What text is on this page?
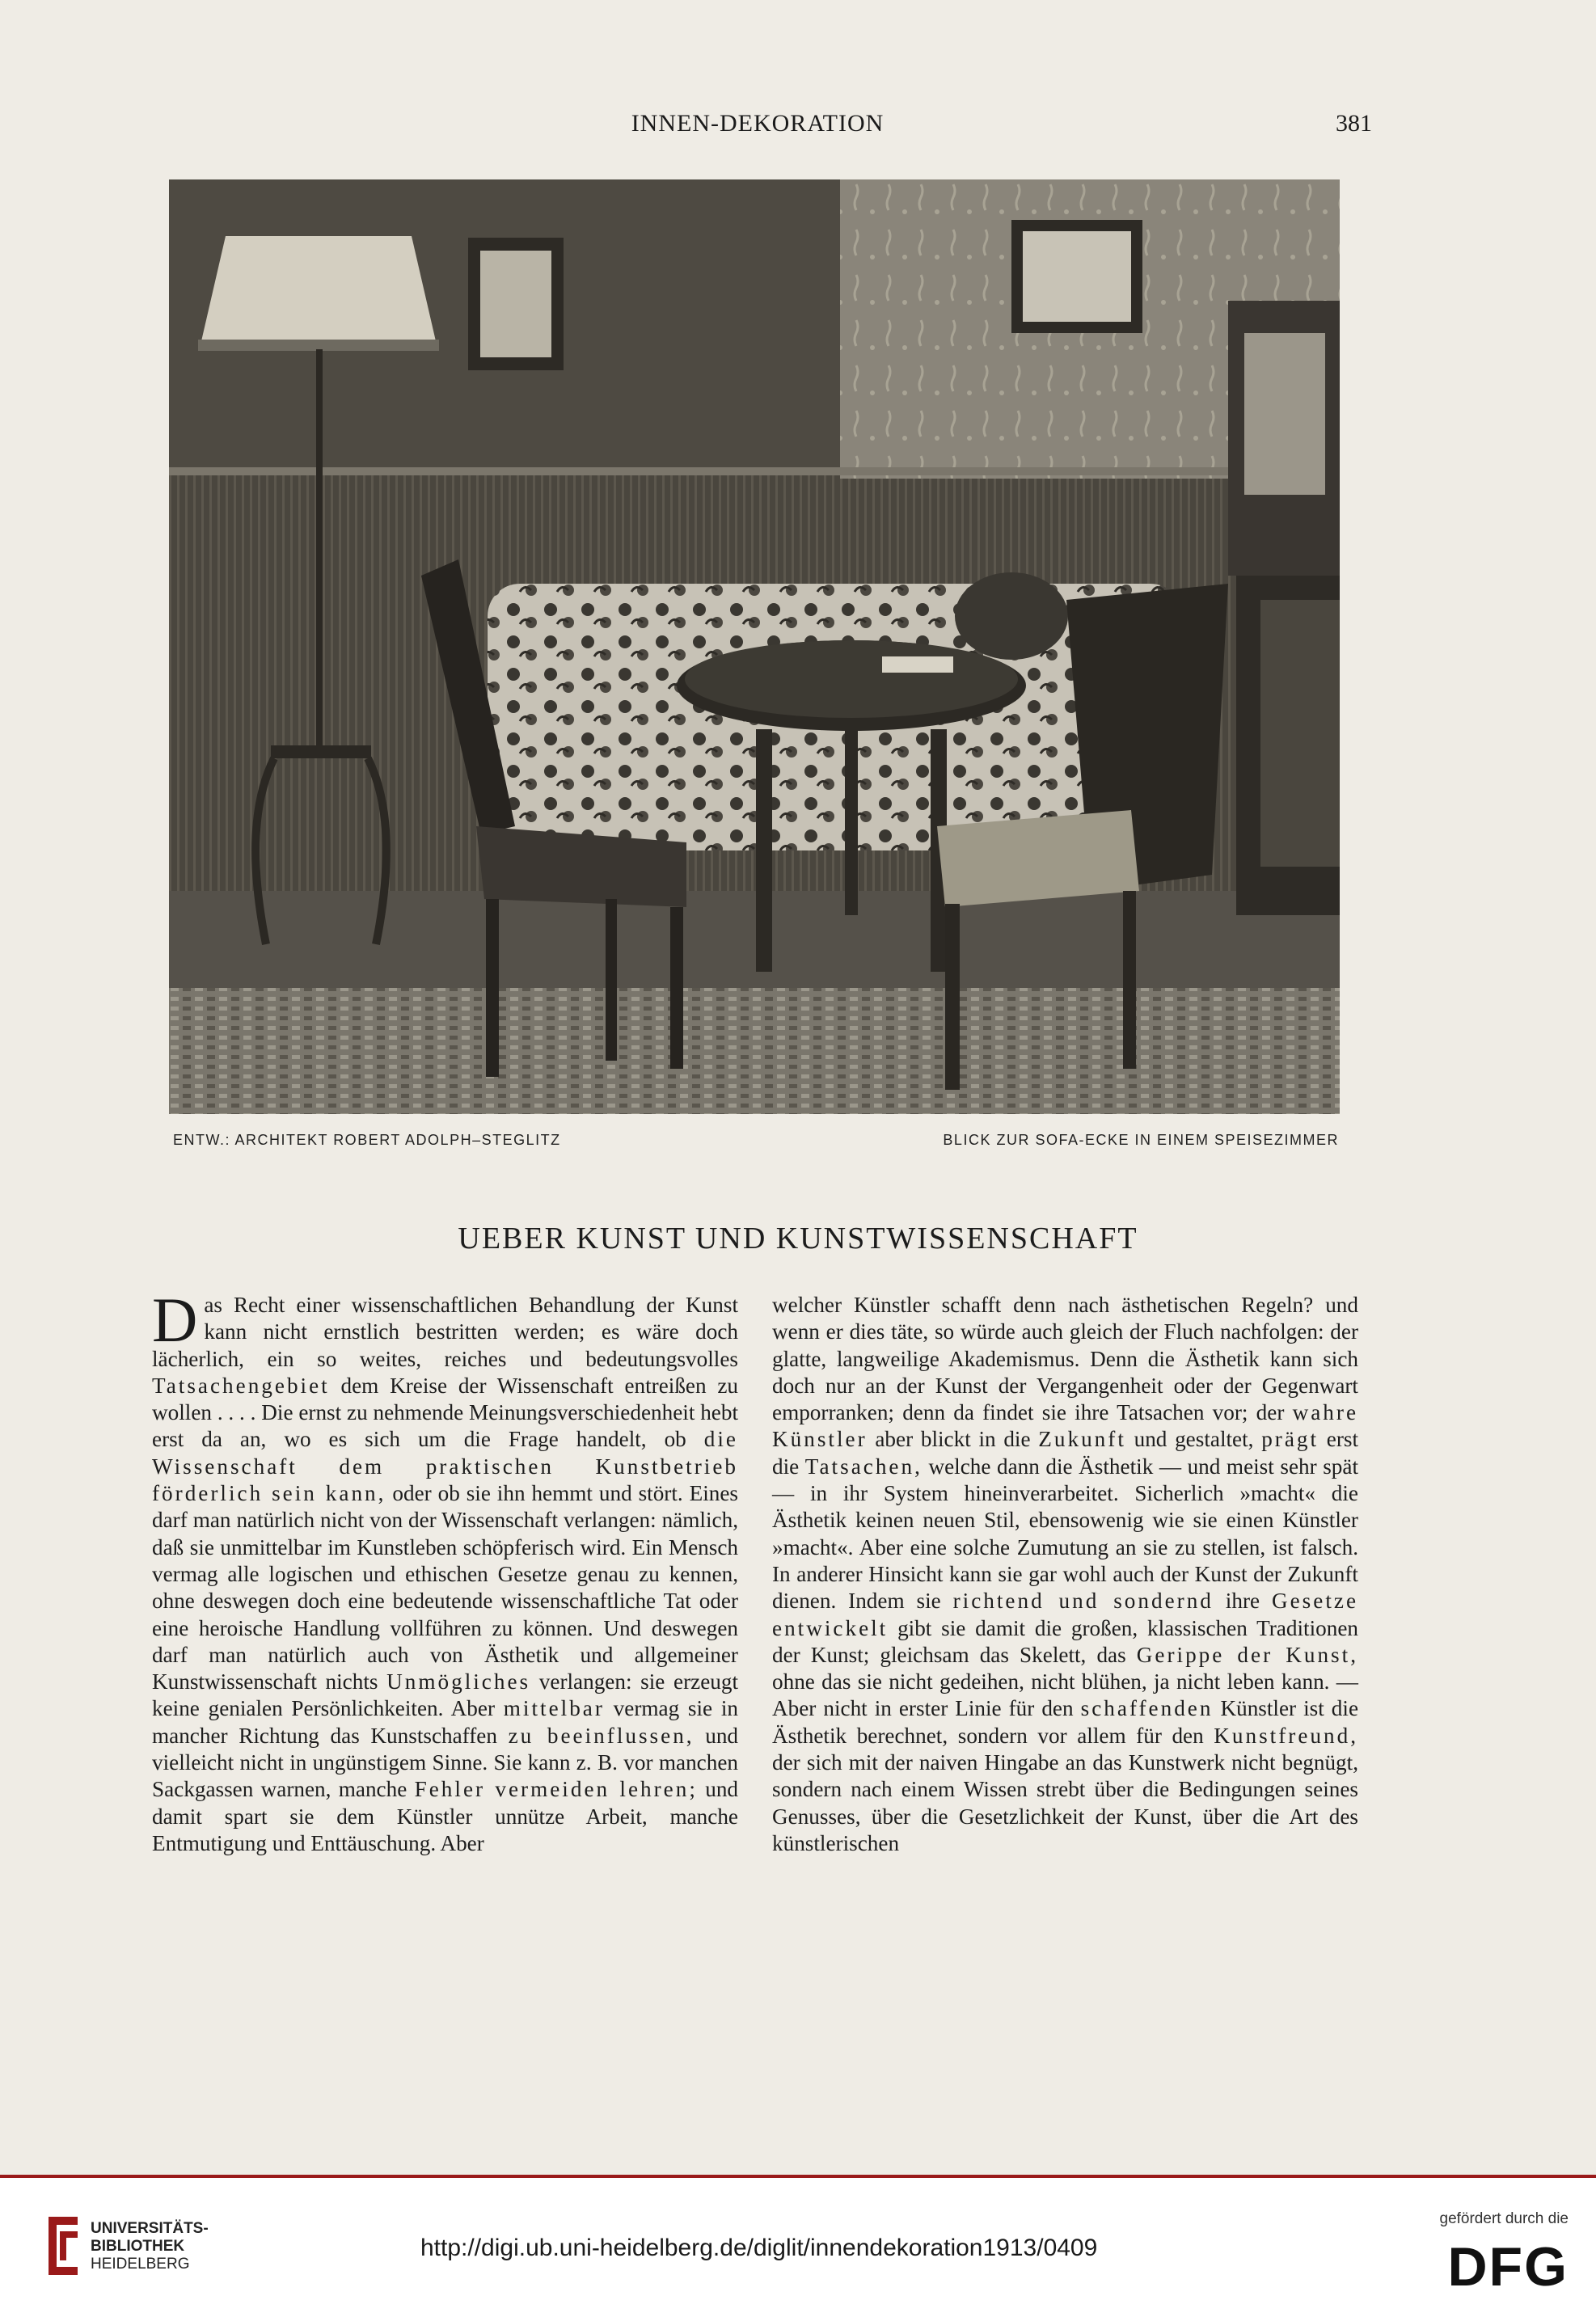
INNEN-DEKORATION	381
ENTW.: ARCHITEKT ROBERT ADOLPH–STEGLITZ	BLICK ZUR SOFA-ECKE IN EINEM SPEISEZIMMER
UEBER KUNST UND KUNSTWISSENSCHAFT

Das Recht einer wissenschaftlichen Behandlung der Kunst kann nicht ernstlich bestritten werden; es wäre doch lächerlich, ein so weites, reiches und bedeutungsvolles Tatsachengebiet dem Kreise der Wissenschaft entreißen zu wollen . . . . Die ernst zu nehmende Meinungsverschiedenheit hebt erst da an, wo es sich um die Frage handelt, ob die Wissenschaft dem praktischen Kunstbetrieb förderlich sein kann, oder ob sie ihn hemmt und stört. Eines darf man natürlich nicht von der Wissenschaft verlangen: nämlich, daß sie unmittelbar im Kunstleben schöpferisch wird. Ein Mensch vermag alle logischen und ethischen Gesetze genau zu kennen, ohne deswegen doch eine bedeutende wissenschaftliche Tat oder eine heroische Handlung vollführen zu können. Und deswegen darf man natürlich auch von Ästhetik und allgemeiner Kunstwissenschaft nichts Unmögliches verlangen: sie erzeugt keine genialen Persönlichkeiten. Aber mittelbar vermag sie in mancher Richtung das Kunstschaffen zu beeinflussen, und vielleicht nicht in ungünstigem Sinne. Sie kann z. B. vor manchen Sackgassen warnen, manche Fehler vermeiden lehren; und damit spart sie dem Künstler unnütze Arbeit, manche Entmutigung und Enttäuschung. Aber

welcher Künstler schafft denn nach ästhetischen Regeln? und wenn er dies täte, so würde auch gleich der Fluch nachfolgen: der glatte, langweilige Akademismus. Denn die Ästhetik kann sich doch nur an der Kunst der Vergangenheit oder der Gegenwart emporranken; denn da findet sie ihre Tatsachen vor; der wahre Künstler aber blickt in die Zukunft und gestaltet, prägt erst die Tatsachen, welche dann die Ästhetik — und meist sehr spät — in ihr System hineinverarbeitet. Sicherlich »macht« die Ästhetik keinen neuen Stil, ebensowenig wie sie einen Künstler »macht«. Aber eine solche Zumutung an sie zu stellen, ist falsch. In anderer Hinsicht kann sie gar wohl auch der Kunst der Zukunft dienen. Indem sie richtend und sondernd ihre Gesetze entwickelt gibt sie damit die großen, klassischen Traditionen der Kunst; gleichsam das Skelett, das Gerippe der Kunst, ohne das sie nicht gedeihen, nicht blühen, ja nicht leben kann. — Aber nicht in erster Linie für den schaffenden Künstler ist die Ästhetik berechnet, sondern vor allem für den Kunstfreund, der sich mit der naiven Hingabe an das Kunstwerk nicht begnügt, sondern nach einem Wissen strebt über die Bedingungen seines Genusses, über die Gesetzlichkeit der Kunst, über die Art des künstlerischen

UNIVERSITÄTS-
BIBLIOTHEK
HEIDELBERG
http://digi.ub.uni-heidelberg.de/diglit/innendekoration1913/0409
gefördert durch die
DFG
